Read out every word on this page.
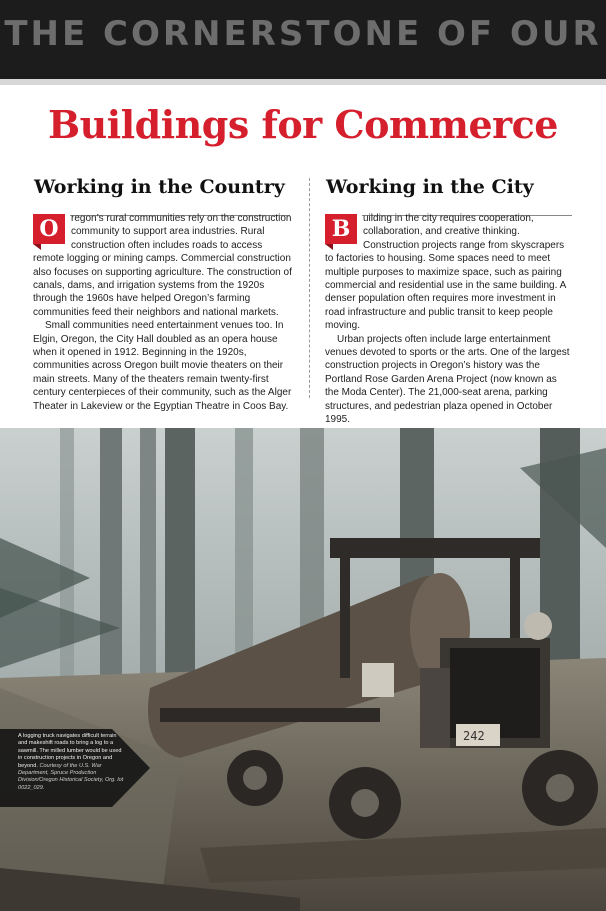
THE CORNERSTONE OF OUR
Buildings for Commerce
Working in the Country Working in the City

O	regon’s rural communities rely on the construction community to support area industries. Rural construction often includes roads to access remote logging or mining camps. Commercial construction also focuses on supporting agriculture. The construction of canals, dams, and irrigation systems from the 1920s through the 1960s have helped Oregon’s farming communities feed their neighbors and national markets.

Small communities need entertainment venues too. In Elgin, Oregon, the City Hall doubled as an opera house when it opened in 1912. Beginning in the 1920s, communities across Oregon built movie theaters on their main streets. Many of the theaters remain twenty-first century centerpieces of their community, such as the Alger Theater in Lakeview or the Egyptian Theatre in Coos Bay.

B	uilding in the city requires cooperation, collaboration, and creative thinking. Construction projects range from skyscrapers to factories to housing. Some spaces need to meet multiple purposes to maximize space, such as pairing commercial and residential use in the same building. A denser population often requires more investment in road infrastructure and public transit to keep people moving.

Urban projects often include large entertainment venues devoted to sports or the arts. One of the largest construction projects in Oregon’s history was the Portland Rose Garden Arena Project (now known as the Moda Center). The 21,000-seat arena, parking structures, and pedestrian plaza opened in October 1995.

242
A logging truck navigates difficult terrain and makeshift roads to bring a log to a sawmill. The milled lumber would be used in construction projects in Oregon and beyond. Courtesy of the U.S. War Department, Spruce Production Division/Oregon Historical Society, Org. lot 0022_029.
